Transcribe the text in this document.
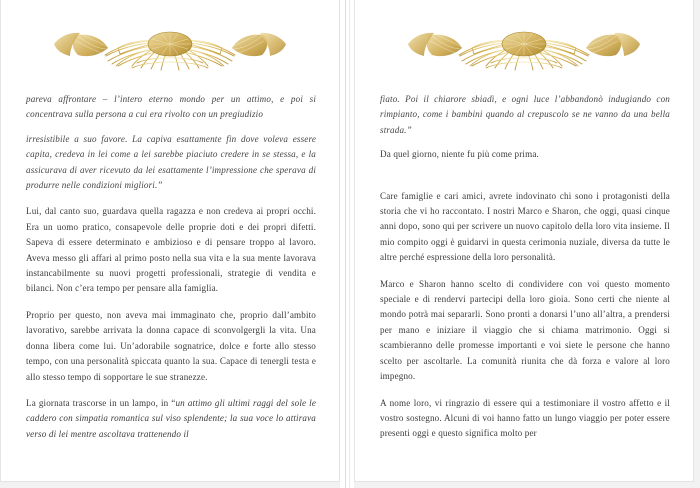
pareva affrontare – l’intero eterno mondo per un attimo, e poi si concentrava sulla persona a cui era rivolto con un pregiudizio

irresistibile a suo favore. La capiva esattamente fin dove voleva essere capita, credeva in lei come a lei sarebbe piaciuto credere in se stessa, e la assicurava di aver ricevuto da lei esattamente l’impressione che sperava di produrre nelle condizioni migliori.”

Lui, dal canto suo, guardava quella ragazza e non credeva ai propri occhi. Era un uomo pratico, consapevole delle proprie doti e dei propri difetti. Sapeva di essere determinato e ambizioso e di pensare troppo al lavoro. Aveva messo gli affari al primo posto nella sua vita e la sua mente lavorava instancabilmente su nuovi progetti professionali, strategie di vendita e bilanci. Non c’era tempo per pensare alla famiglia.

Proprio per questo, non aveva mai immaginato che, proprio dall’ambito lavorativo, sarebbe arrivata la donna capace di sconvolgergli la vita. Una donna libera come lui. Un’adorabile sognatrice, dolce e forte allo stesso tempo, con una personalità spiccata quanto la sua. Capace di tenergli testa e allo stesso tempo di sopportare le sue stranezze.

La giornata trascorse in un lampo, in “un attimo gli ultimi raggi del sole le caddero con simpatia romantica sul viso splendente; la sua voce lo attirava verso di lei mentre ascoltava trattenendo il

fiato. Poi il chiarore sbiadì, e ogni luce l’abbandonò indugiando con rimpianto, come i bambini quando al crepuscolo se ne vanno da una bella strada.”

Da quel giorno, niente fu più come prima.

Care famiglie e cari amici, avrete indovinato chi sono i protagonisti della storia che vi ho raccontato. I nostri Marco e Sharon, che oggi, quasi cinque anni dopo, sono qui per scrivere un nuovo capitolo della loro vita insieme. Il mio compito oggi è guidarvi in questa cerimonia nuziale, diversa da tutte le altre perché espressione della loro personalità.

Marco e Sharon hanno scelto di condividere con voi questo momento speciale e di rendervi partecipi della loro gioia. Sono certi che niente al mondo potrà mai separarli. Sono pronti a donarsi l’uno all’altra, a prendersi per mano e iniziare il viaggio che si chiama matrimonio. Oggi si scambieranno delle promesse importanti e voi siete le persone che hanno scelto per ascoltarle. La comunità riunita che dà forza e valore al loro impegno.

A nome loro, vi ringrazio di essere qui a testimoniare il vostro affetto e il vostro sostegno. Alcuni di voi hanno fatto un lungo viaggio per poter essere presenti oggi e questo significa molto per
